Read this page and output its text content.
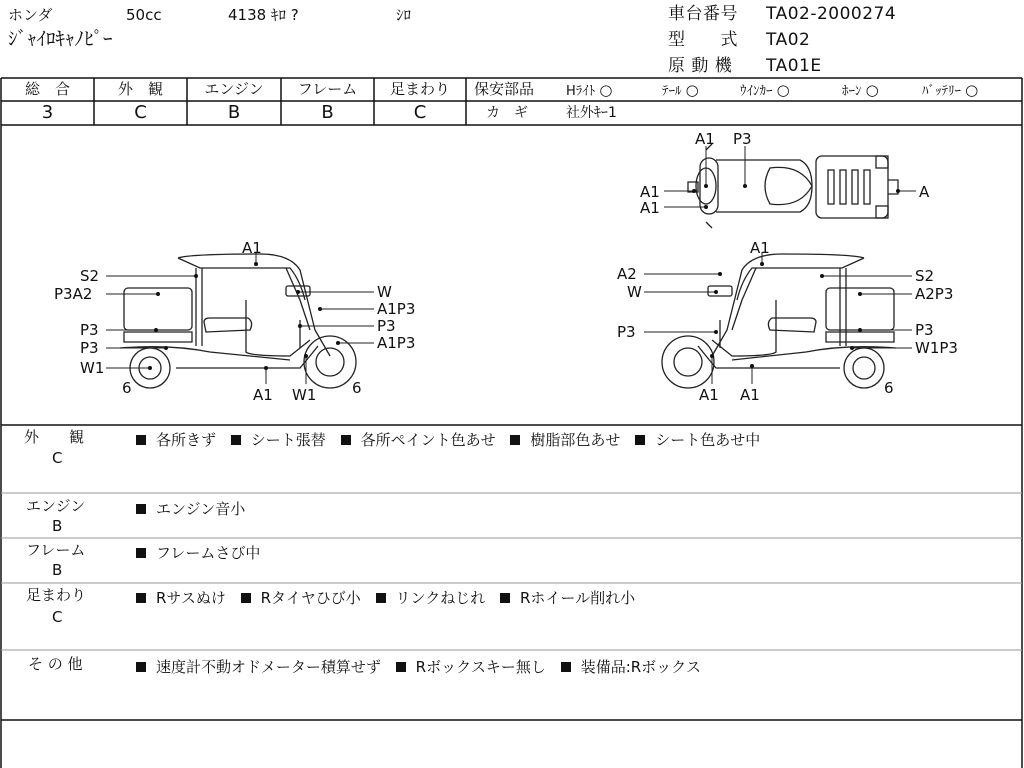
ホンダ	50cc	4138 ｷﾛ ?	ｼﾛ
ｼﾞｬｲﾛｷｬﾉﾋﾟｰ
車台番号 TA02-2000274
型　　式 TA02
原 動 機 TA01E
総　合
3
外　観
C
エンジン
B
フレーム
B
足まわり
C
保安部品 Hﾗｲﾄ ○	ﾃｰﾙ ○	ｳｲﾝｶｰ ○	ﾎｰﾝ ○	ﾊﾞｯﾃﾘｰ ○
カ　ギ	社外ｷｰ1
A1 P3
A1
A1
A
A1
S2
P3A2
P3
P3
W1
6
W
A1P3
P3
A1P3
6
A1 W1
A1
A2
W
P3
S2
A2P3
P3
W1P3
6
A1 A1
外　　観
C
各所きず シート張替 各所ペイント色あせ 樹脂部色あせ シート色あせ中
エンジン
B
エンジン音小
フレーム
B
フレームさび中
足まわり
C
Rサスぬけ Rタイヤひび小 リンクねじれ Rホイール削れ小
そ の 他	速度計不動オドメーター積算せず Rボックスキー無し 装備品:Rボックス
